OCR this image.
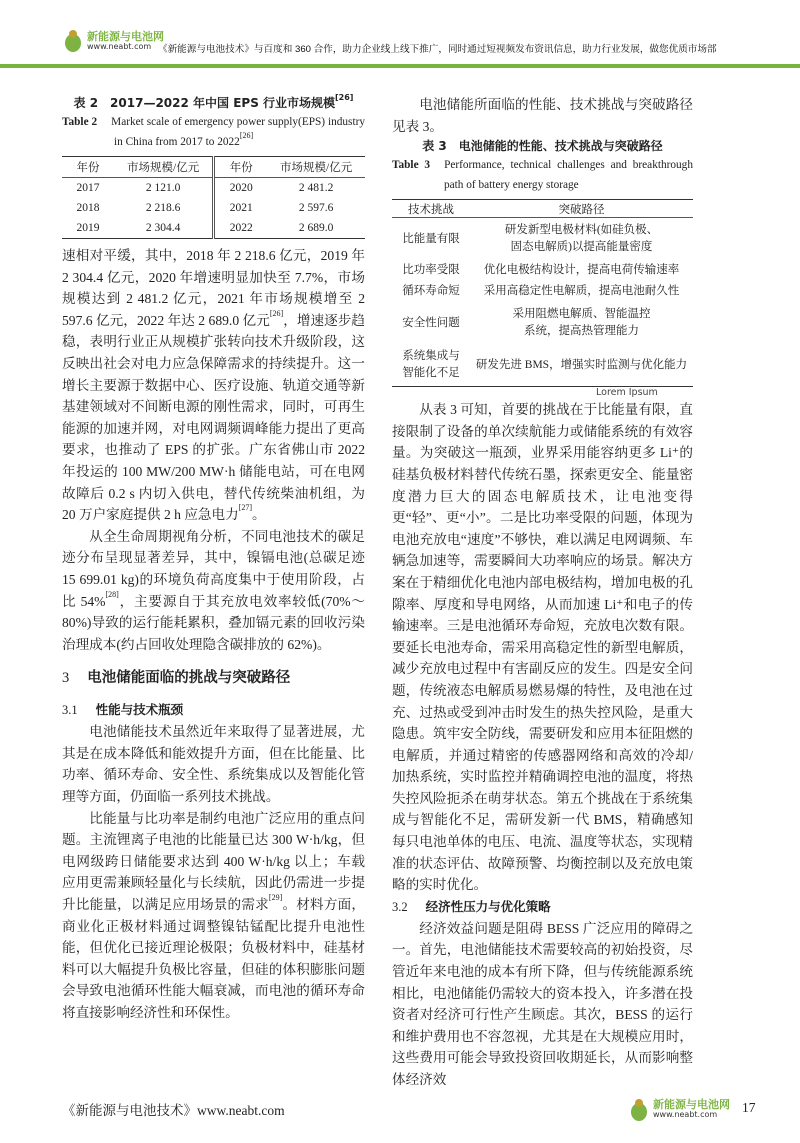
新能源与电池网
www.neabt.com 《新能源与电池技术》与百度和 360 合作，助力企业线上线下推广，同时通过短视频发布资讯信息，助力行业发展，做您优质市场部
表 2　2017—2022 年中国 EPS 行业市场规模[26]
Table 2 Market scale of emergency power supply(EPS) industry in China from 2017 to 2022[26]
年份	市场规模/亿元	年份	市场规模/亿元
2017	2 121.0	2020	2 481.2
2018	2 218.6	2021	2 597.6
2019	2 304.4	2022	2 689.0

速相对平缓，其中，2018 年 2 218.6 亿元，2019 年 2 304.4 亿元，2020 年增速明显加快至 7.7%，市场规模达到 2 481.2 亿元，2021 年市场规模增至 2 597.6 亿元，2022 年达 2 689.0 亿元[26]，增速逐步趋稳，表明行业正从规模扩张转向技术升级阶段，这反映出社会对电力应急保障需求的持续提升。这一增长主要源于数据中心、医疗设施、轨道交通等新基建领域对不间断电源的刚性需求，同时，可再生能源的加速并网，对电网调频调峰能力提出了更高要求，也推动了 EPS 的扩张。广东省佛山市 2022 年投运的 100 MW/200 MW·h 储能电站，可在电网故障后 0.2 s 内切入供电，替代传统柴油机组，为 20 万户家庭提供 2 h 应急电力[27]。

从全生命周期视角分析，不同电池技术的碳足迹分布呈现显著差异，其中，镍镉电池(总碳足迹 15 699.01 kg)的环境负荷高度集中于使用阶段，占比 54%[28]，主要源自于其充放电效率较低(70%～80%)导致的运行能耗累积，叠加镉元素的回收污染治理成本(约占回收处理隐含碳排放的 62%)。

3 电池储能面临的挑战与突破路径
3.1 性能与技术瓶颈

电池储能技术虽然近年来取得了显著进展，尤其是在成本降低和能效提升方面，但在比能量、比功率、循环寿命、安全性、系统集成以及智能化管理等方面，仍面临一系列技术挑战。

比能量与比功率是制约电池广泛应用的重点问题。主流锂离子电池的比能量已达 300 W·h/kg，但电网级跨日储能要求达到 400 W·h/kg 以上；车载应用更需兼顾轻量化与长续航，因此仍需进一步提升比能量，以满足应用场景的需求[29]。材料方面，商业化正极材料通过调整镍钴锰配比提升电池性能，但优化已接近理论极限；负极材料中，硅基材料可以大幅提升负极比容量，但硅的体积膨胀问题会导致电池循环性能大幅衰减，而电池的循环寿命将直接影响经济性和环保性。

电池储能所面临的性能、技术挑战与突破路径见表 3。

表 3　电池储能的性能、技术挑战与突破路径
Table 3 Performance, technical challenges and breakthrough path of battery energy storage
技术挑战	突破路径
比能量有限	研发新型电极材料(如硅负极、固态电解质)以提高能量密度
比功率受限	优化电极结构设计，提高电荷传输速率
循环寿命短	采用高稳定性电解质，提高电池耐久性
安全性问题	采用阻燃电解质、智能温控系统，提高热管理能力
系统集成与智能化不足	研发先进 BMS，增强实时监测与优化能力
Lorem Ipsum

从表 3 可知，首要的挑战在于比能量有限，直接限制了设备的单次续航能力或储能系统的有效容量。为突破这一瓶颈，业界采用能容纳更多 Li⁺的硅基负极材料替代传统石墨，探索更安全、能量密度潜力巨大的固态电解质技术，让电池变得更“轻”、更“小”。二是比功率受限的问题，体现为电池充放电“速度”不够快，难以满足电网调频、车辆急加速等，需要瞬间大功率响应的场景。解决方案在于精细优化电池内部电极结构，增加电极的孔隙率、厚度和导电网络，从而加速 Li⁺和电子的传输速率。三是电池循环寿命短，充放电次数有限。要延长电池寿命，需采用高稳定性的新型电解质，减少充放电过程中有害副反应的发生。四是安全问题，传统液态电解质易燃易爆的特性，及电池在过充、过热或受到冲击时发生的热失控风险，是重大隐患。筑牢安全防线，需要研发和应用本征阻燃的电解质，并通过精密的传感器网络和高效的冷却/加热系统，实时监控并精确调控电池的温度，将热失控风险扼杀在萌芽状态。第五个挑战在于系统集成与智能化不足，需研发新一代 BMS，精确感知每只电池单体的电压、电流、温度等状态，实现精准的状态评估、故障预警、均衡控制以及充放电策略的实时优化。

3.2 经济性压力与优化策略

经济效益问题是阻碍 BESS 广泛应用的障碍之一。首先，电池储能技术需要较高的初始投资，尽管近年来电池的成本有所下降，但与传统能源系统相比，电池储能仍需较大的资本投入，许多潜在投资者对经济可行性产生顾虑。其次，BESS 的运行和维护费用也不容忽视，尤其是在大规模应用时，这些费用可能会导致投资回收期延长，从而影响整体经济效

《新能源与电池技术》www.neabt.com	新能源与电池网
www.neabt.com
17
